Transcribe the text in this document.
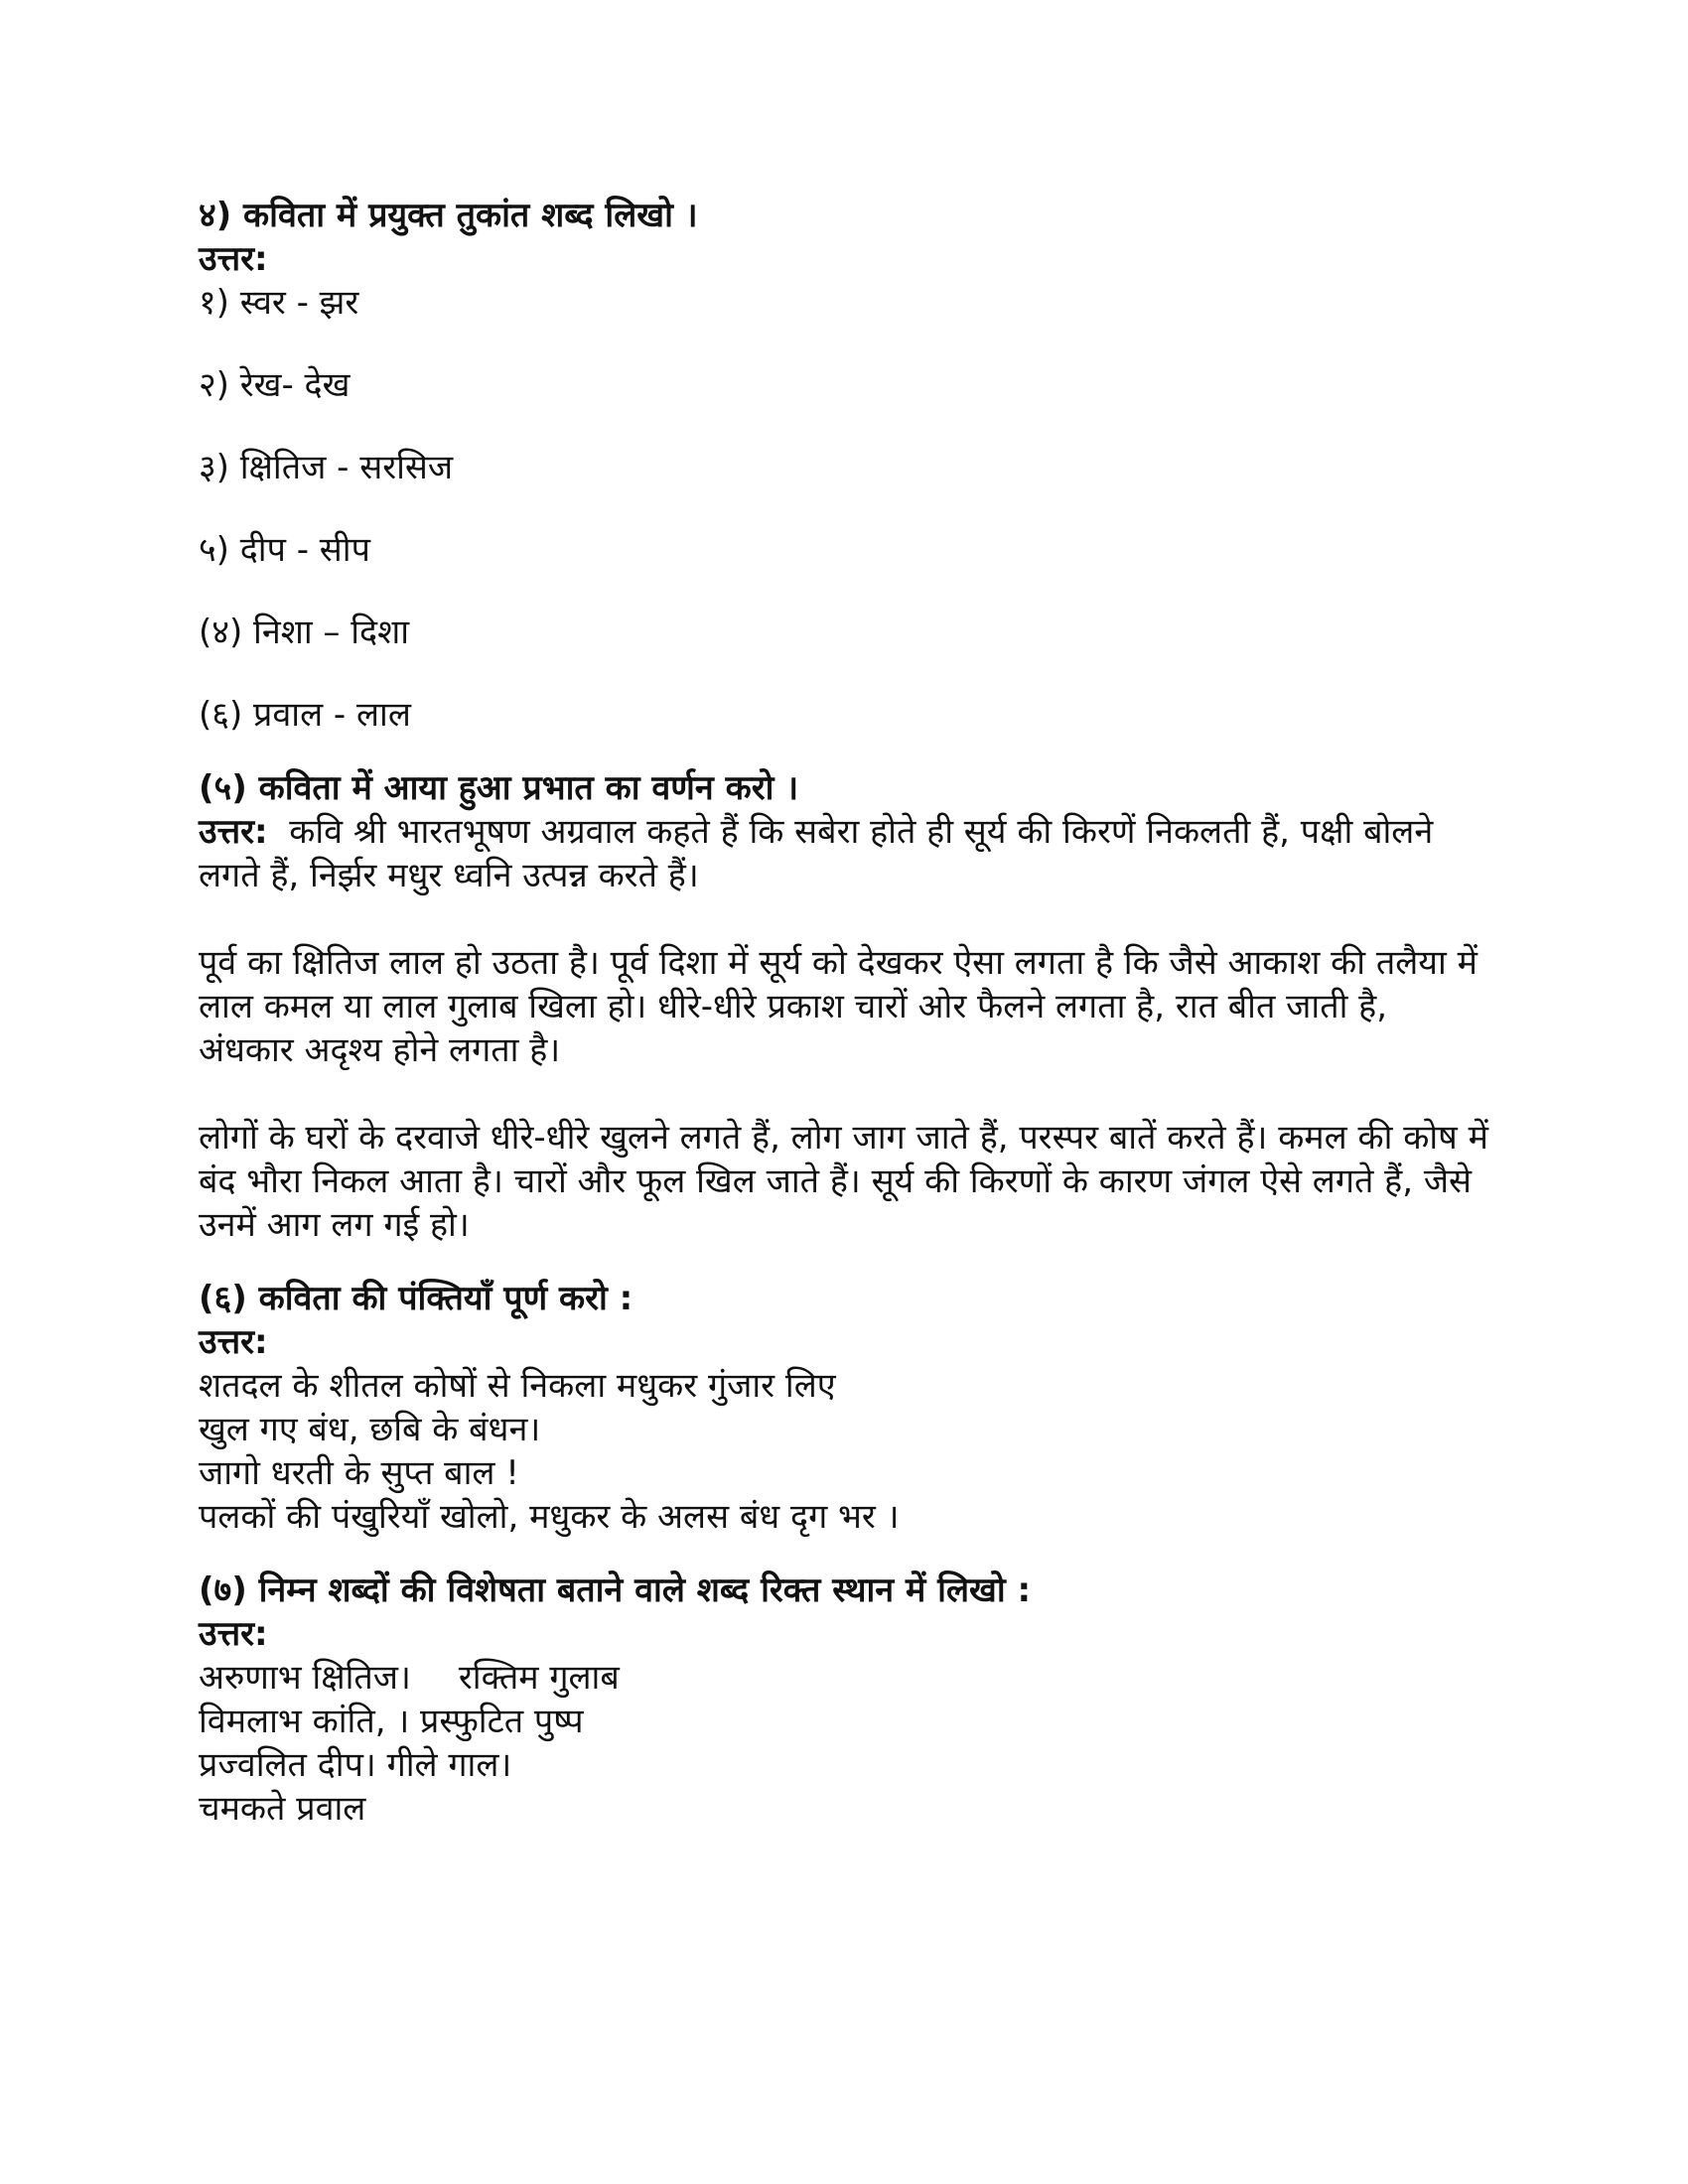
४) कविता में प्रयुक्त तुकांत शब्द लिखो ।

उत्तर:

१) स्वर - झर

२) रेख- देख

३) क्षितिज - सरसिज

५) दीप - सीप

(४) निशा – दिशा

(६) प्रवाल - लाल

(५) कविता में आया हुआ प्रभात का वर्णन करो ।

उत्तर: कवि श्री भारतभूषण अग्रवाल कहते हैं कि सबेरा होते ही सूर्य की किरणें निकलती हैं, पक्षी बोलने लगते हैं, निर्झर मधुर ध्वनि उत्पन्न करते हैं।

पूर्व का क्षितिज लाल हो उठता है। पूर्व दिशा में सूर्य को देखकर ऐसा लगता है कि जैसे आकाश की तलैया में लाल कमल या लाल गुलाब खिला हो। धीरे-धीरे प्रकाश चारों ओर फैलने लगता है, रात बीत जाती है, अंधकार अदृश्य होने लगता है।

लोगों के घरों के दरवाजे धीरे-धीरे खुलने लगते हैं, लोग जाग जाते हैं, परस्पर बातें करते हैं। कमल की कोष में बंद भौरा निकल आता है। चारों और फूल खिल जाते हैं। सूर्य की किरणों के कारण जंगल ऐसे लगते हैं, जैसे उनमें आग लग गई हो।

(६) कविता की पंक्तियाँ पूर्ण करो :

उत्तर:

शतदल के शीतल कोषों से निकला मधुकर गुंजार लिए

खुल गए बंध, छबि के बंधन।

जागो धरती के सुप्त बाल !

पलकों की पंखुरियाँ खोलो, मधुकर के अलस बंध दृग भर ।

(७) निम्न शब्दों की विशेषता बताने वाले शब्द रिक्त स्थान में लिखो :

उत्तर:

अरुणाभ क्षितिज। रक्तिम गुलाब

विमलाभ कांति, । प्रस्फुटित पुष्प

प्रज्वलित दीप। गीले गाल।

चमकते प्रवाल
